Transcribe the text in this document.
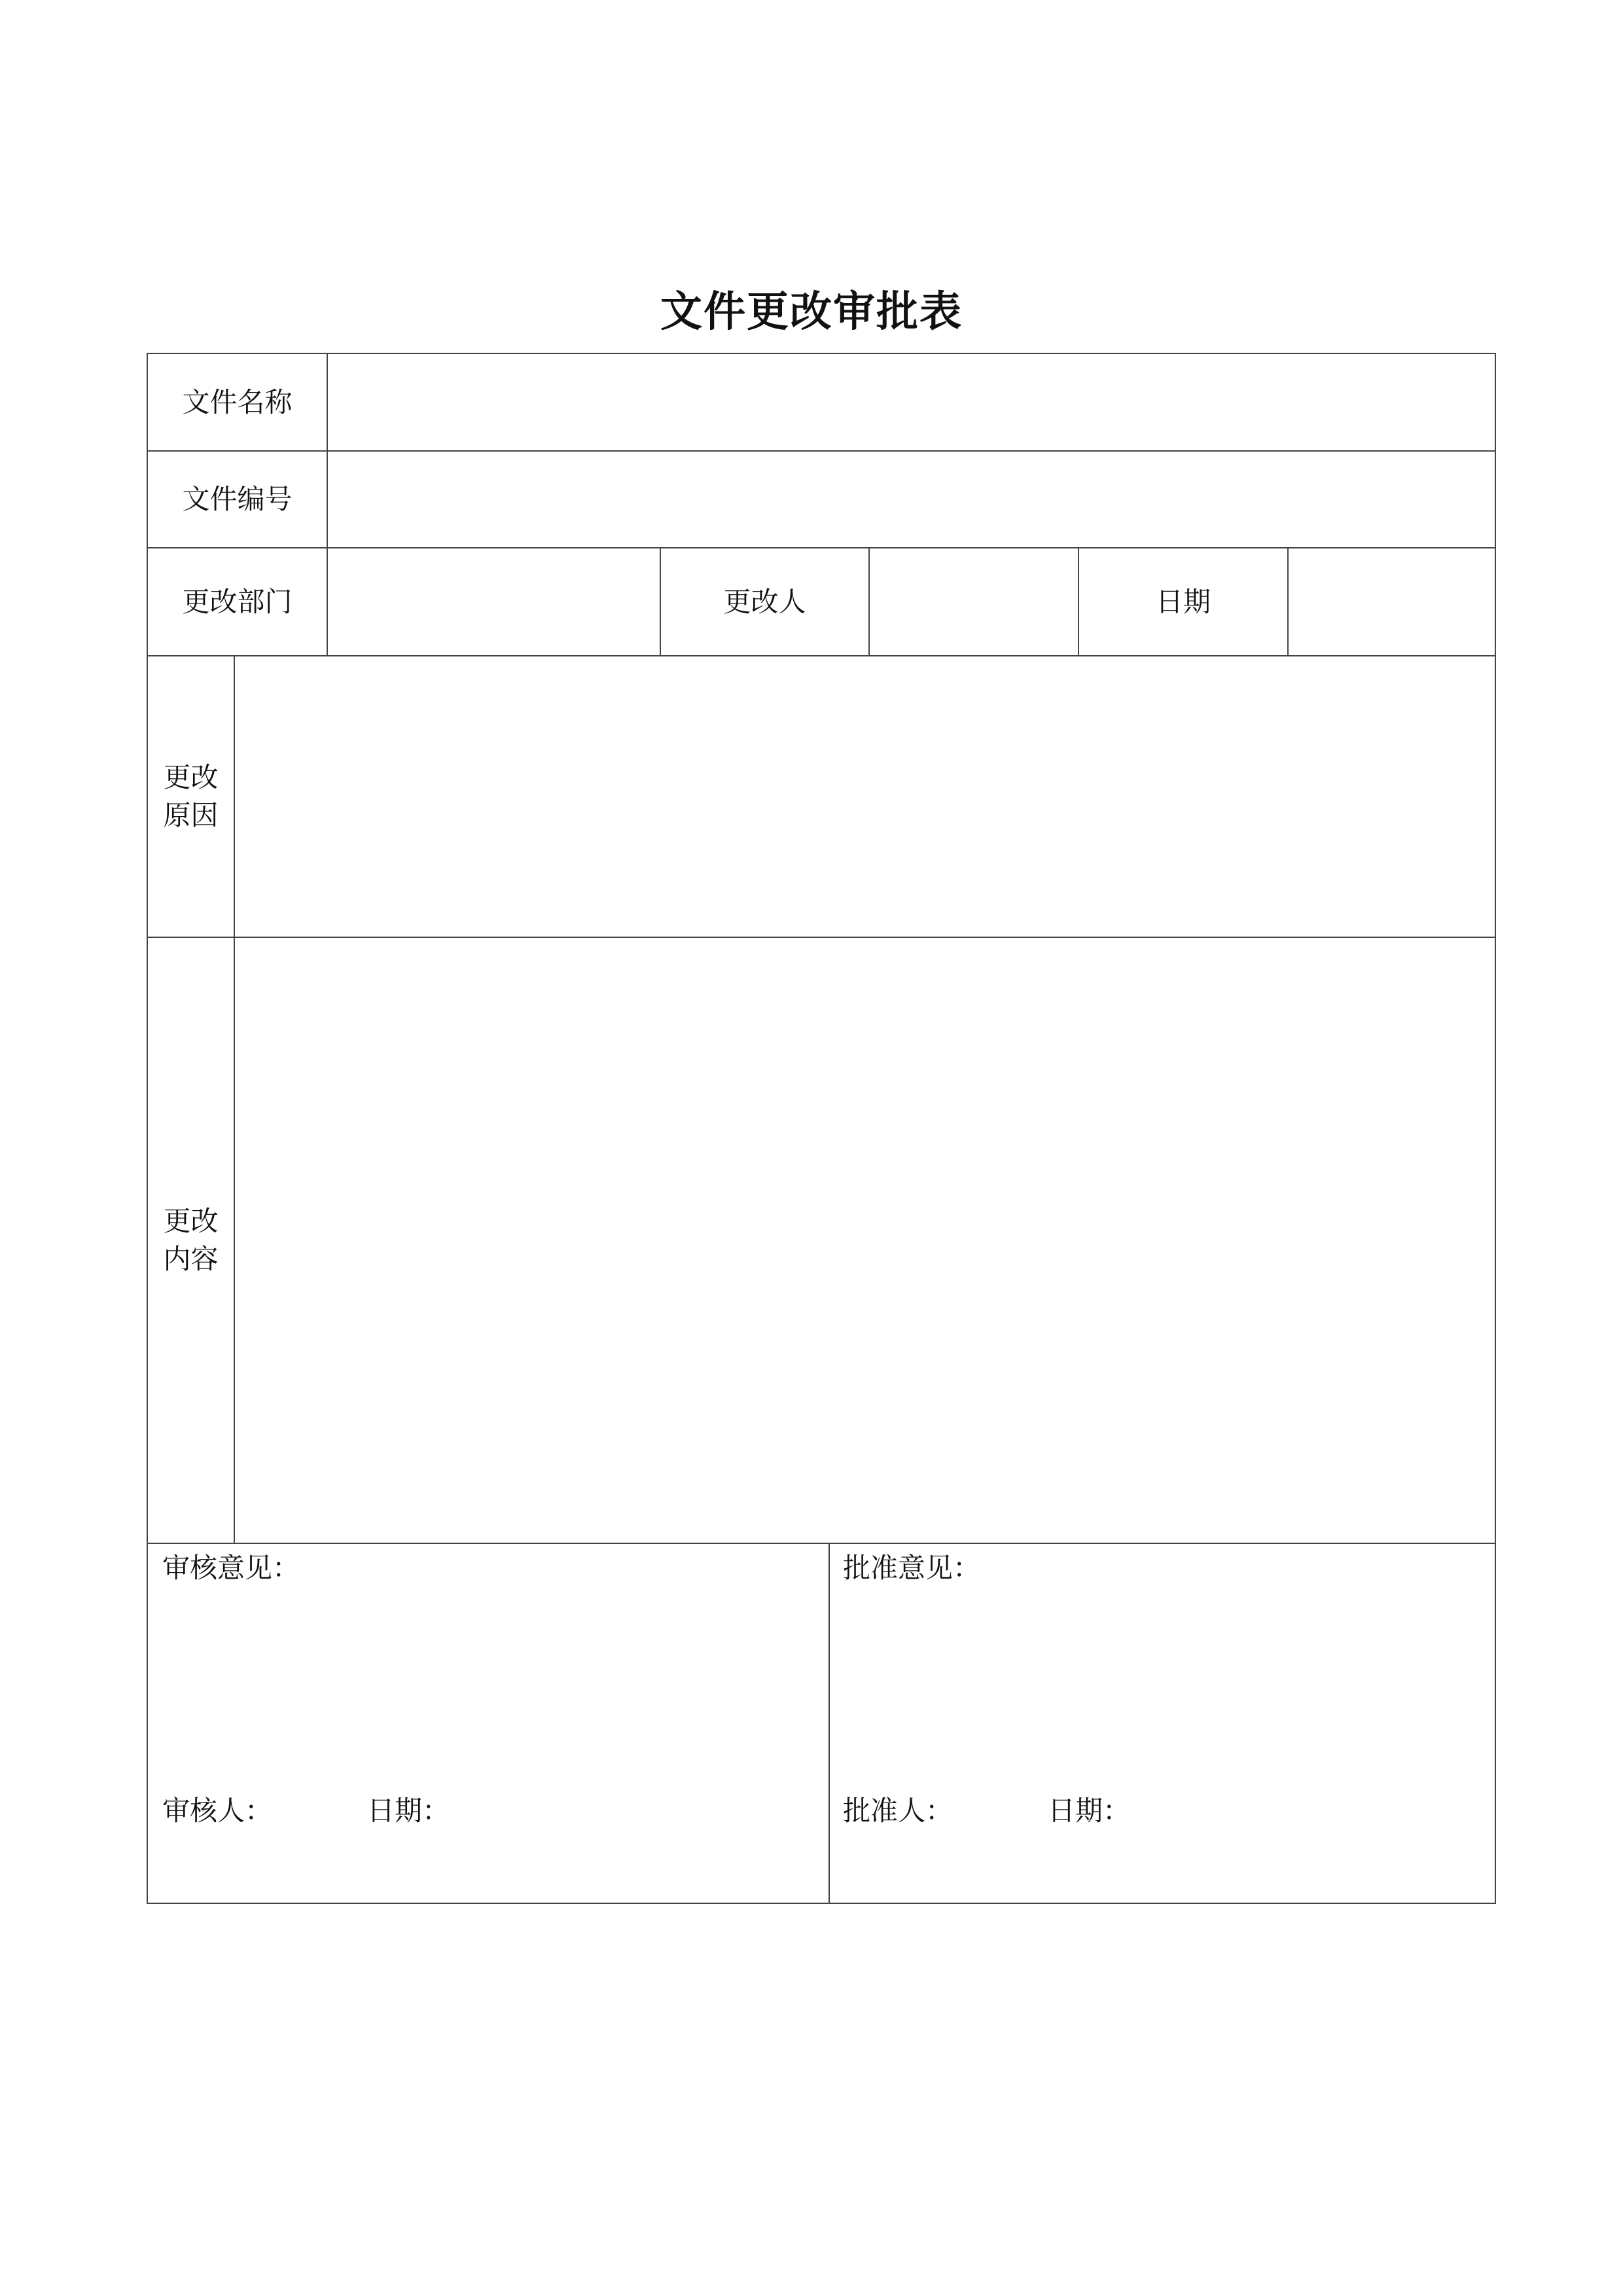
文件更改审批表
文件名称
文件编号
更改部门	更改人	日期
更改原因
更改内容
审核意见：
审核人：	日期：
批准意见：
批准人：	日期：
